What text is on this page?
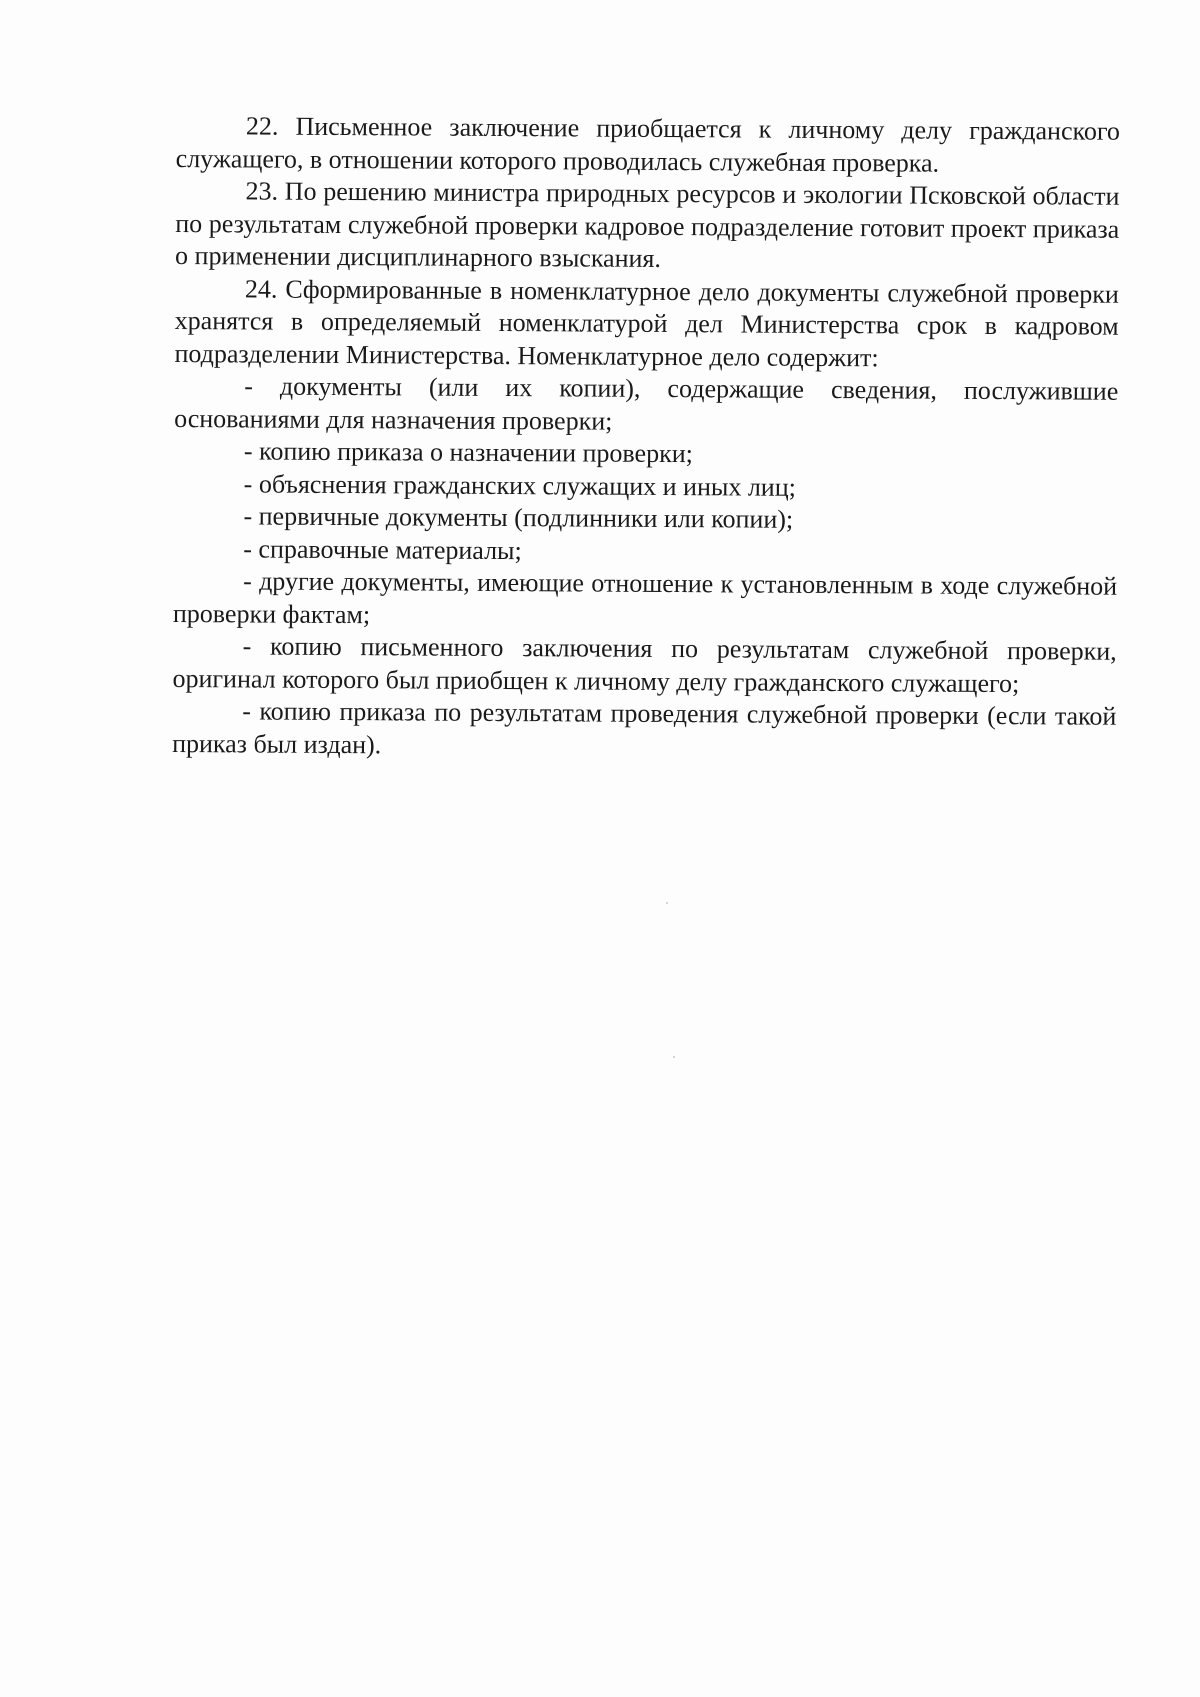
22. Письменное заключение приобщается к личному делу гражданского служащего, в отношении которого проводилась служебная проверка.

23. По решению министра природных ресурсов и экологии Псковской области по результатам служебной проверки кадровое подразделение готовит проект приказа о применении дисциплинарного взыскания.

24. Сформированные в номенклатурное дело документы служебной проверки хранятся в определяемый номенклатурой дел Министерства срок в кадровом подразделении Министерства. Номенклатурное дело содержит:

- документы (или их копии), содержащие сведения, послужившие основаниями для назначения проверки;

- копию приказа о назначении проверки;

- объяснения гражданских служащих и иных лиц;

- первичные документы (подлинники или копии);

- справочные материалы;

- другие документы, имеющие отношение к установленным в ходе служебной проверки фактам;

- копию письменного заключения по результатам служебной проверки, оригинал которого был приобщен к личному делу гражданского служащего;

- копию приказа по результатам проведения служебной проверки (если такой приказ был издан).
